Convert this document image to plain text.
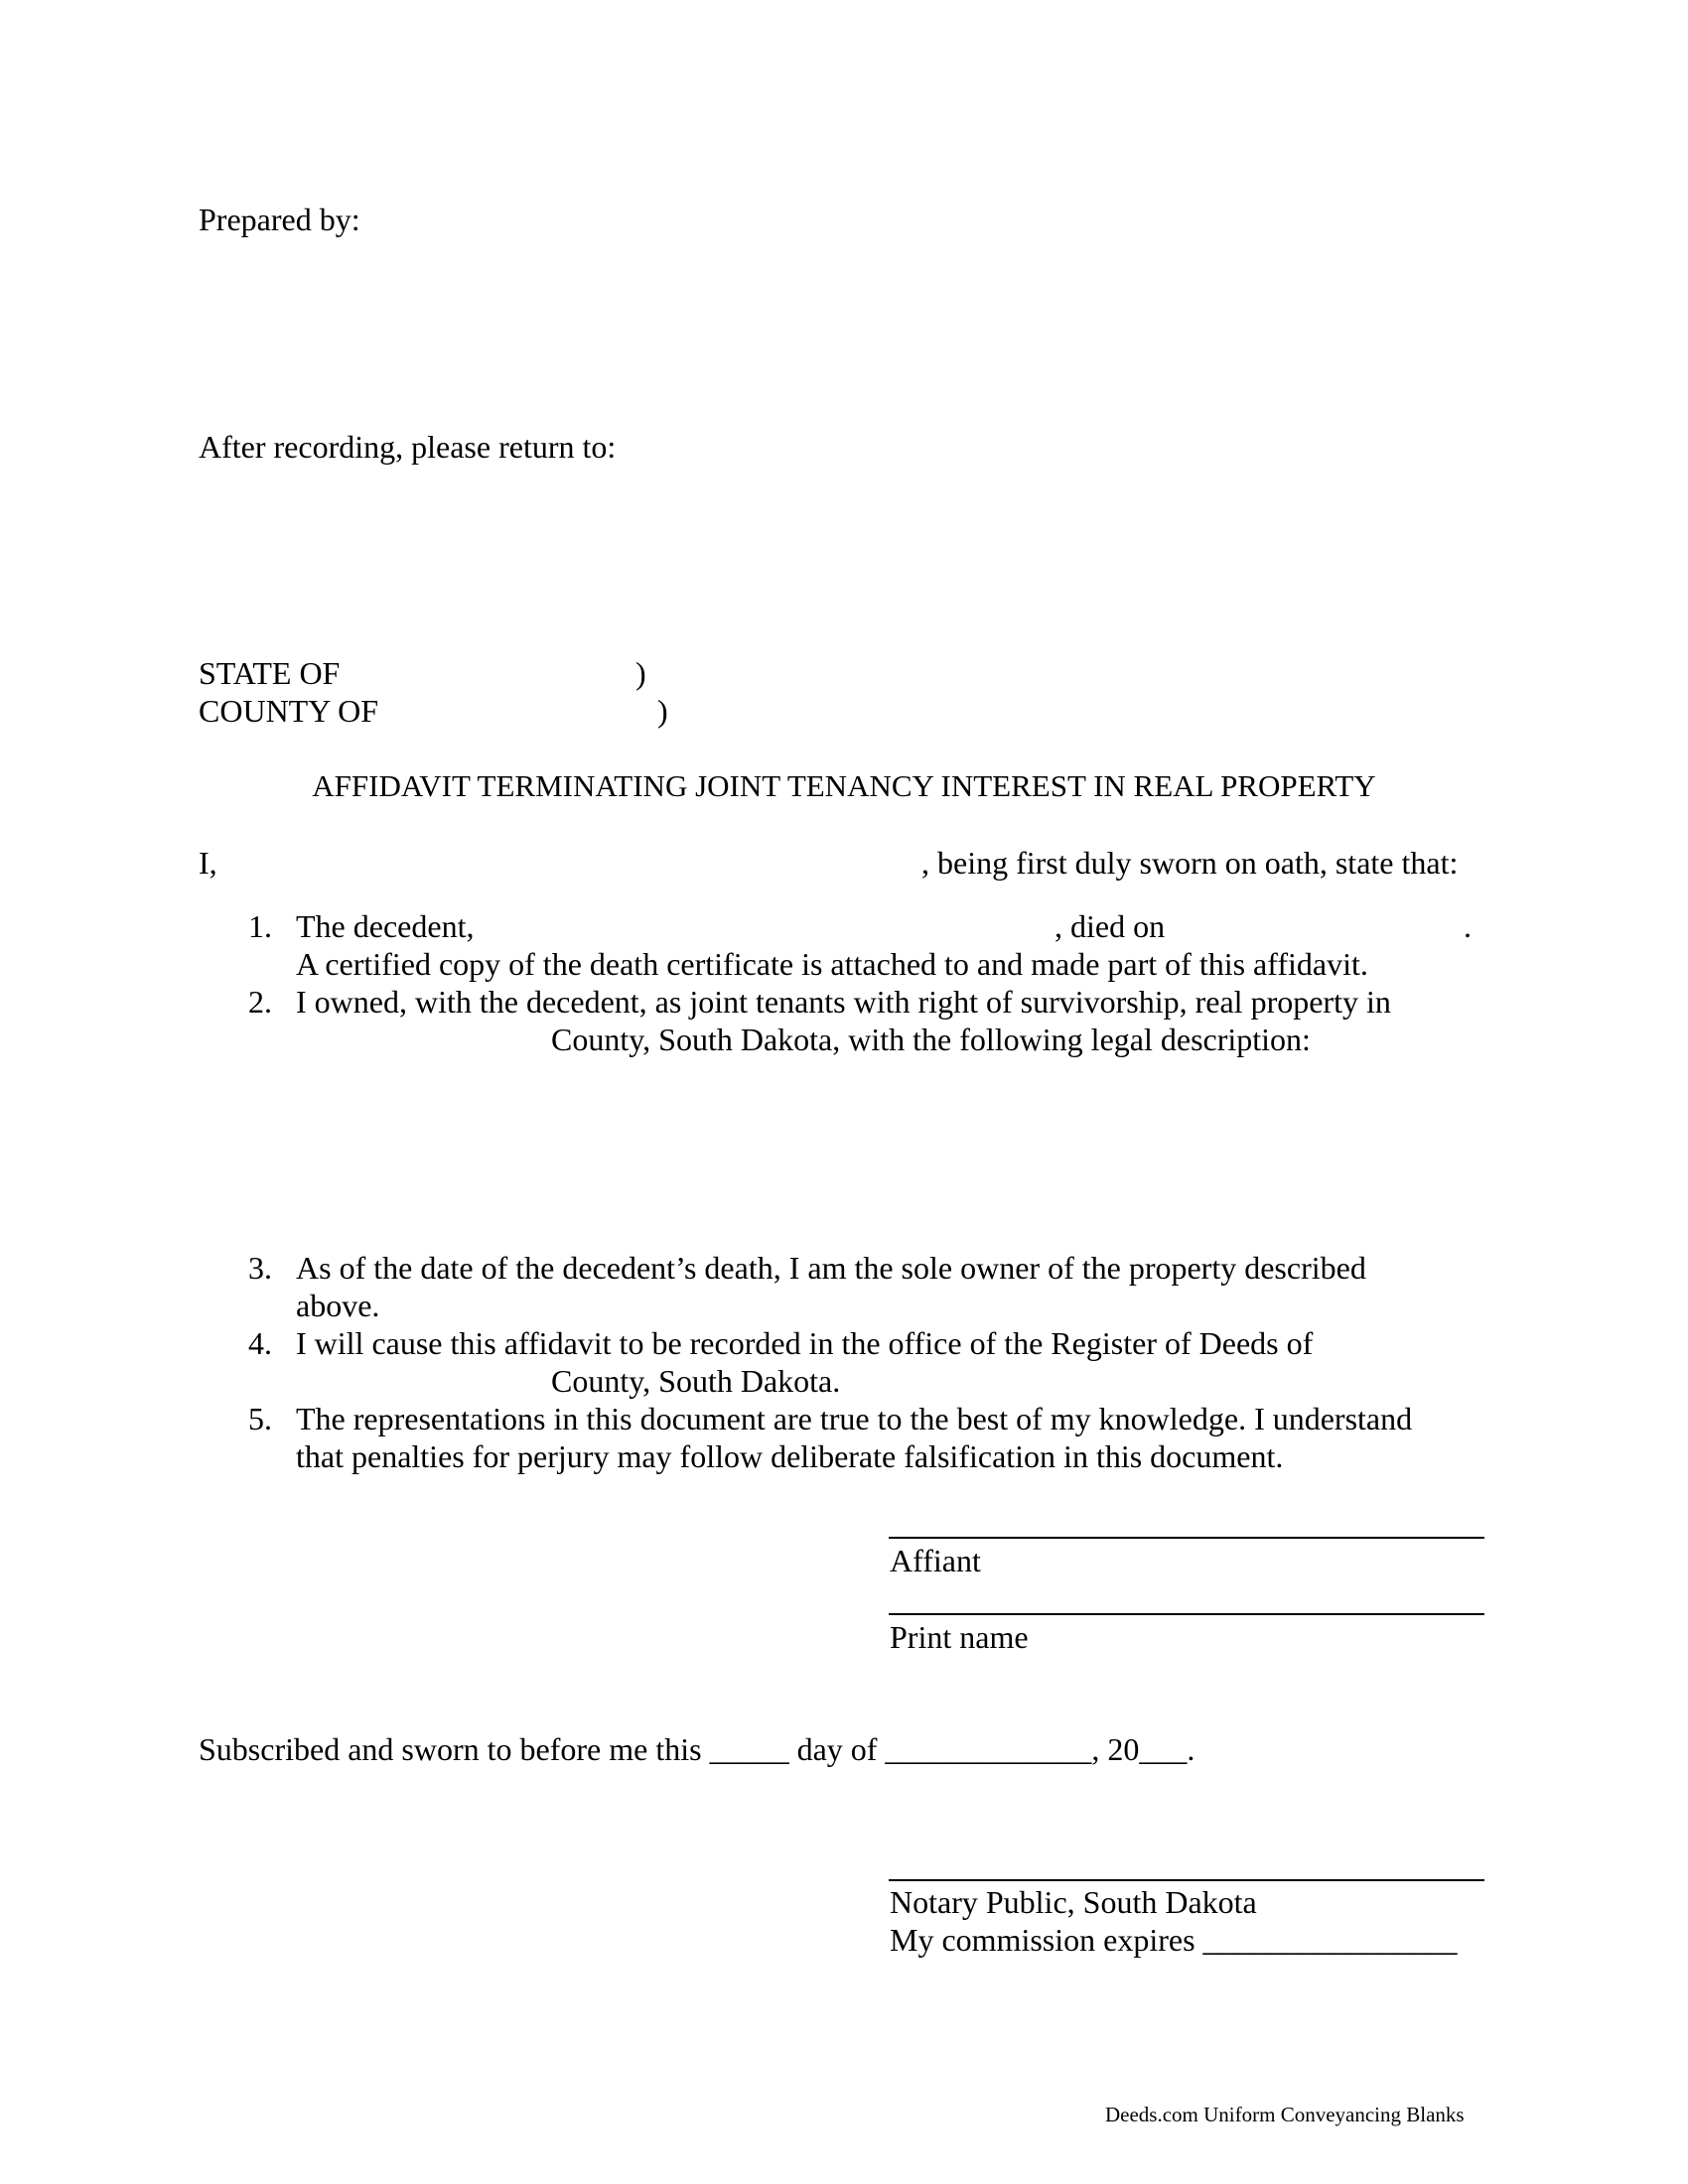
Prepared by:
After recording, please return to:
STATE OF	)
COUNTY OF	)
AFFIDAVIT TERMINATING JOINT TENANCY INTEREST IN REAL PROPERTY
I,	, being first duly sworn on oath, state that:
1. The decedent,	, died on	.
A certified copy of the death certificate is attached to and made part of this affidavit.
2. I owned, with the decedent, as joint tenants with right of survivorship, real property in
County, South Dakota, with the following legal description:
3. As of the date of the decedent’s death, I am the sole owner of the property described
above.
4. I will cause this affidavit to be recorded in the office of the Register of Deeds of
County, South Dakota.
5. The representations in this document are true to the best of my knowledge. I understand
that penalties for perjury may follow deliberate falsification in this document.
Affiant
Print name
Subscribed and sworn to before me this _____ day of _____________, 20___.
Notary Public, South Dakota
My commission expires ________________
Deeds.com Uniform Conveyancing Blanks
